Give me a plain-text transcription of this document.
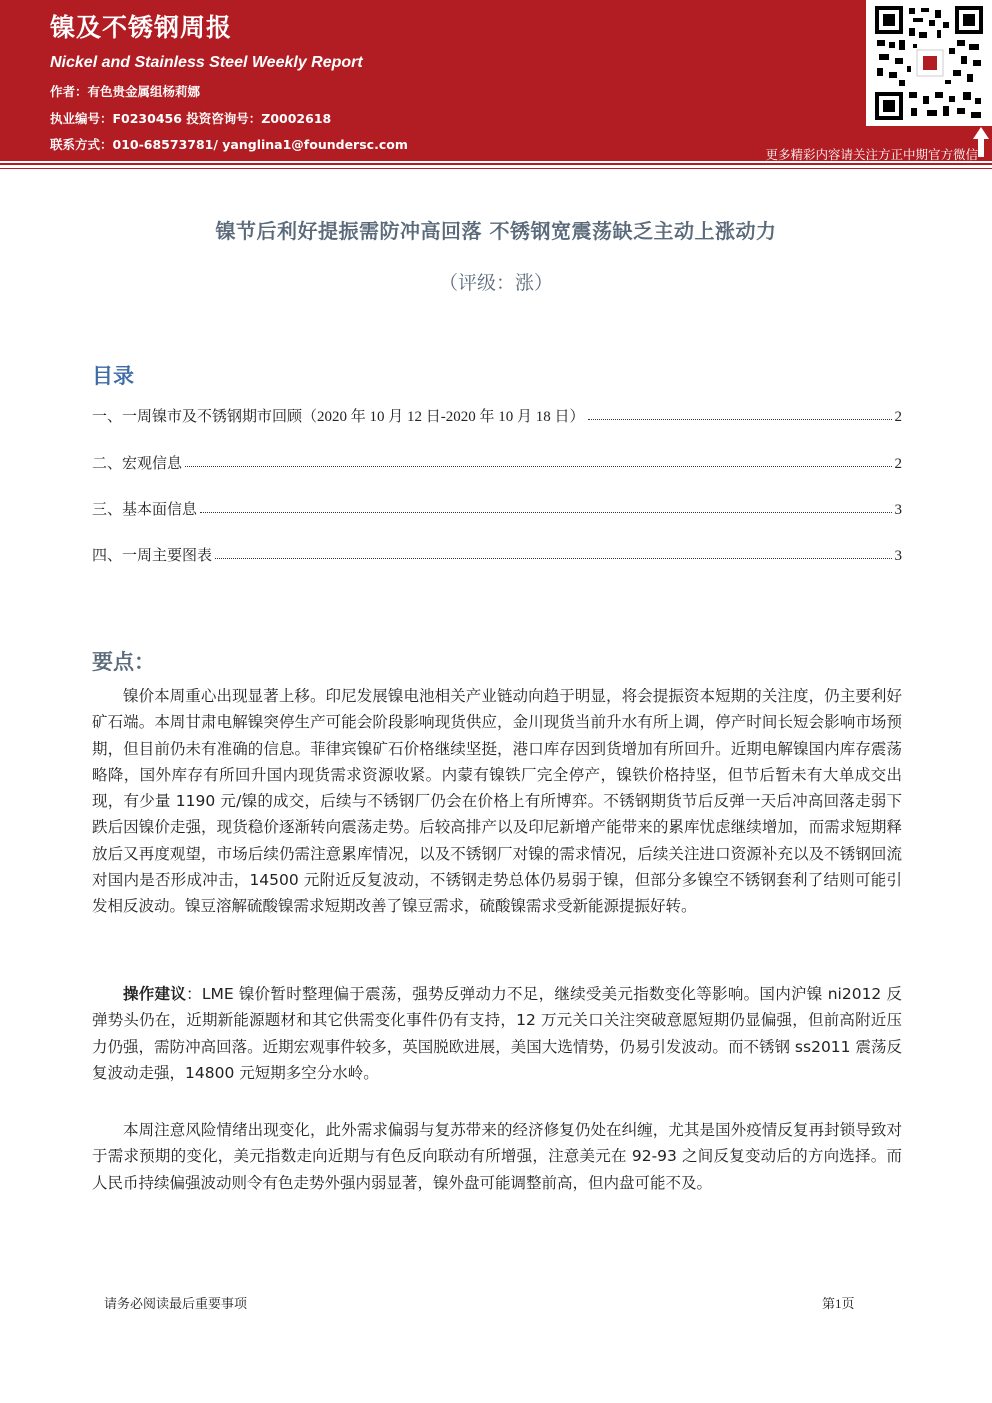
镍及不锈钢周报
Nickel and Stainless Steel Weekly Report
作者：有色贵金属组杨莉娜
执业编号：F0230456 投资咨询号：Z0002618
联系方式：010-68573781/ yanglina1@foundersc.com
更多精彩内容请关注方正中期官方微信
镍节后利好提振需防冲高回落 不锈钢宽震荡缺乏主动上涨动力
（评级：涨）
目录
一、一周镍市及不锈钢期市回顾（2020 年 10 月 12 日-2020 年 10 月 18 日）	2
二、宏观信息	2
三、基本面信息	3
四、一周主要图表	3
要点：

镍价本周重心出现显著上移。印尼发展镍电池相关产业链动向趋于明显，将会提振资本短期的关注度，仍主要利好矿石端。本周甘肃电解镍突停生产可能会阶段影响现货供应，金川现货当前升水有所上调，停产时间长短会影响市场预期，但目前仍未有准确的信息。菲律宾镍矿石价格继续坚挺，港口库存因到货增加有所回升。近期电解镍国内库存震荡略降，国外库存有所回升国内现货需求资源收紧。内蒙有镍铁厂完全停产，镍铁价格持坚，但节后暂未有大单成交出现，有少量 1190 元/镍的成交，后续与不锈钢厂仍会在价格上有所博弈。不锈钢期货节后反弹一天后冲高回落走弱下跌后因镍价走强，现货稳价逐渐转向震荡走势。后较高排产以及印尼新增产能带来的累库忧虑继续增加，而需求短期释放后又再度观望，市场后续仍需注意累库情况，以及不锈钢厂对镍的需求情况，后续关注进口资源补充以及不锈钢回流对国内是否形成冲击，14500 元附近反复波动，不锈钢走势总体仍易弱于镍，但部分多镍空不锈钢套利了结则可能引发相反波动。镍豆溶解硫酸镍需求短期改善了镍豆需求，硫酸镍需求受新能源提振好转。

操作建议：LME 镍价暂时整理偏于震荡，强势反弹动力不足，继续受美元指数变化等影响。国内沪镍 ni2012 反弹势头仍在，近期新能源题材和其它供需变化事件仍有支持，12 万元关口关注突破意愿短期仍显偏强，但前高附近压力仍强，需防冲高回落。近期宏观事件较多，英国脱欧进展，美国大选情势，仍易引发波动。而不锈钢 ss2011 震荡反复波动走强，14800 元短期多空分水岭。

本周注意风险情绪出现变化，此外需求偏弱与复苏带来的经济修复仍处在纠缠，尤其是国外疫情反复再封锁导致对于需求预期的变化，美元指数走向近期与有色反向联动有所增强，注意美元在 92-93 之间反复变动后的方向选择。而人民币持续偏强波动则令有色走势外强内弱显著，镍外盘可能调整前高，但内盘可能不及。

请务必阅读最后重要事项	第1页
